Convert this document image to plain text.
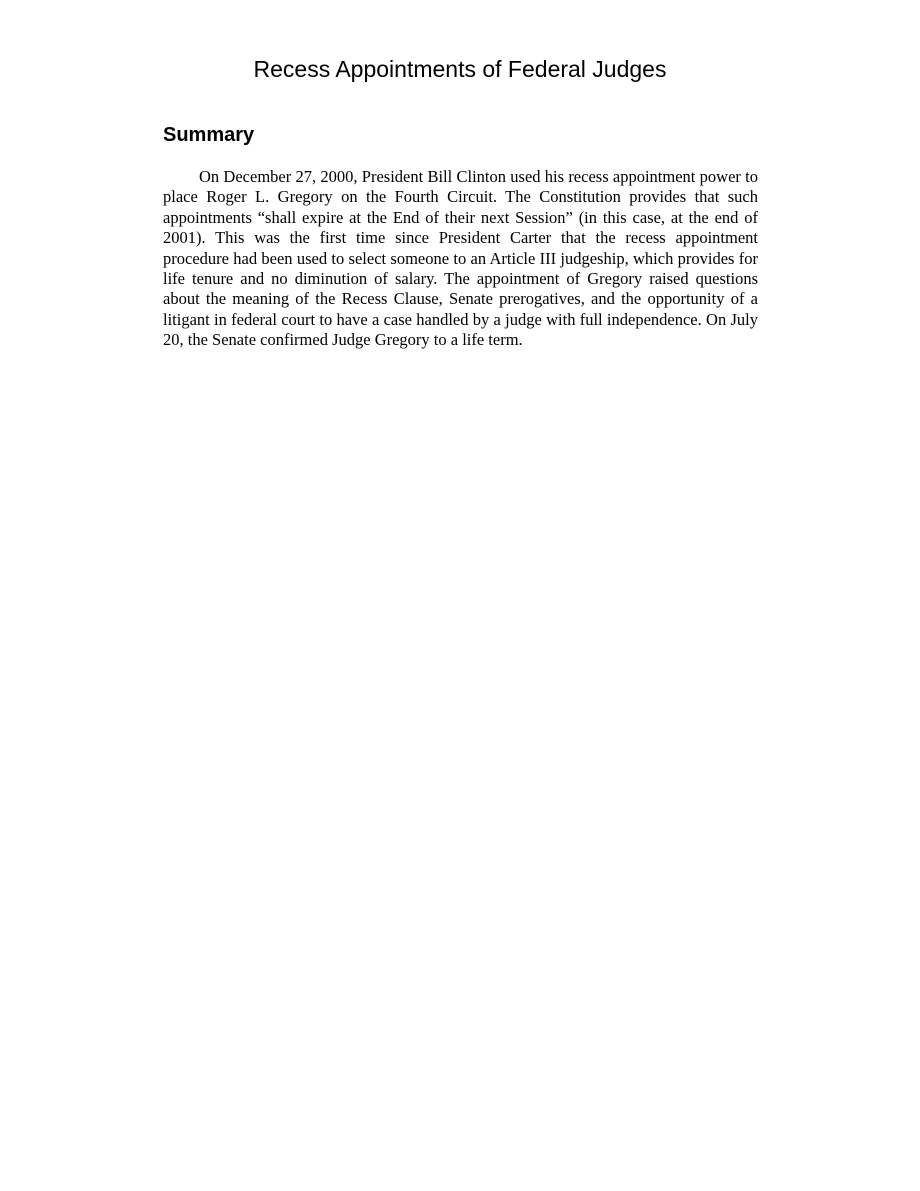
Recess Appointments of Federal Judges
Summary

On December 27, 2000, President Bill Clinton used his recess appointment power to place Roger L. Gregory on the Fourth Circuit. The Constitution provides that such appointments “shall expire at the End of their next Session” (in this case, at the end of 2001). This was the first time since President Carter that the recess appointment procedure had been used to select someone to an Article III judgeship, which provides for life tenure and no diminution of salary. The appointment of Gregory raised questions about the meaning of the Recess Clause, Senate prerogatives, and the opportunity of a litigant in federal court to have a case handled by a judge with full independence. On July 20, the Senate confirmed Judge Gregory to a life term.
